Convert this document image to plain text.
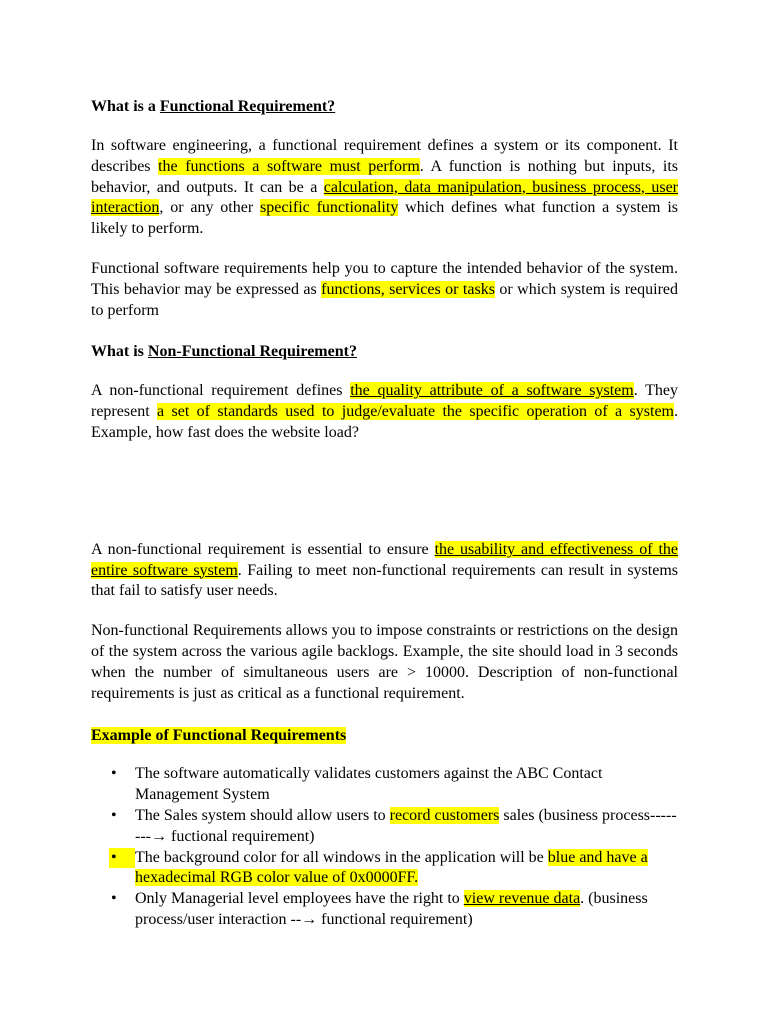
What is a Functional Requirement?

In software engineering, a functional requirement defines a system or its component. It describes the functions a software must perform. A function is nothing but inputs, its behavior, and outputs. It can be a calculation, data manipulation, business process, user interaction, or any other specific functionality which defines what function a system is likely to perform.

Functional software requirements help you to capture the intended behavior of the system. This behavior may be expressed as functions, services or tasks or which system is required to perform

What is Non-Functional Requirement?

A non-functional requirement defines the quality attribute of a software system. They represent a set of standards used to judge/evaluate the specific operation of a system. Example, how fast does the website load?

A non-functional requirement is essential to ensure the usability and effectiveness of the entire software system. Failing to meet non-functional requirements can result in systems that fail to satisfy user needs.

Non-functional Requirements allows you to impose constraints or restrictions on the design of the system across the various agile backlogs. Example, the site should load in 3 seconds when the number of simultaneous users are > 10000. Description of non-functional requirements is just as critical as a functional requirement.

Example of Functional Requirements

•	The software automatically validates customers against the ABC Contact Management System
•	The Sales system should allow users to record customers sales (business process--------→ fuctional requirement)
•	The background color for all windows in the application will be blue and have a hexadecimal RGB color value of 0x0000FF.
•	Only Managerial level employees have the right to view revenue data. (business process/user interaction --→ functional requirement)
